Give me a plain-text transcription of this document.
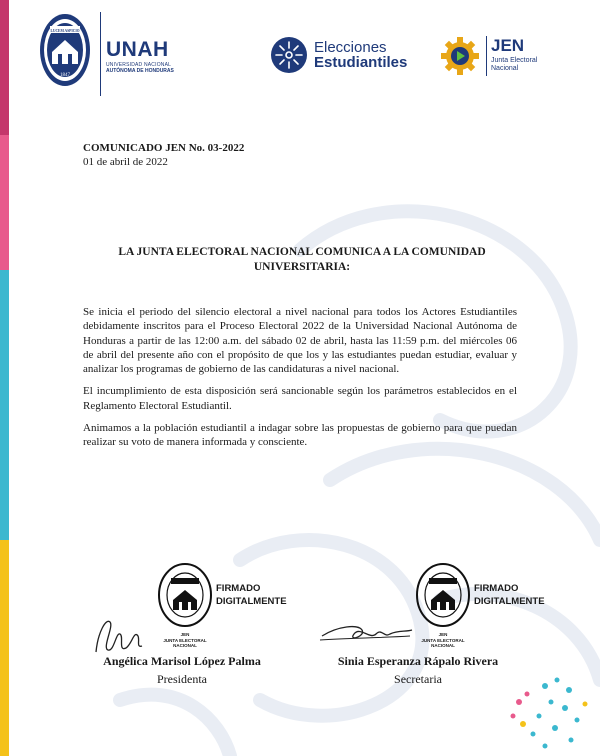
LUCEM ASPICIO
1847
UNAH
UNIVERSIDAD NACIONAL
AUTÓNOMA DE HONDURAS
Elecciones
Estudiantiles
JEN
Junta Electoral
Nacional
COMUNICADO JEN No. 03-2022
01 de abril de 2022
LA JUNTA ELECTORAL NACIONAL COMUNICA A LA COMUNIDAD UNIVERSITARIA:

Se inicia el periodo del silencio electoral a nivel nacional para todos los Actores Estudiantiles debidamente inscritos para el Proceso Electoral 2022 de la Universidad Nacional Autónoma de Honduras a partir de las 12:00 a.m. del sábado 02 de abril, hasta las 11:59 p.m. del miércoles 06 de abril del presente año con el propósito de que los y las estudiantes puedan estudiar, evaluar y analizar los programas de gobierno de las candidaturas a nivel nacional.

El incumplimiento de esta disposición será sancionable según los parámetros establecidos en el Reglamento Electoral Estudiantil.

Animamos a la población estudiantil a indagar sobre las propuestas de gobierno para que puedan realizar su voto de manera informada y consciente.

JEN
JUNTA ELECTORAL NACIONAL
FIRMADO
DIGITALMENTE
Angélica Marisol López Palma
Presidenta
JEN
JUNTA ELECTORAL NACIONAL
FIRMADO
DIGITALMENTE
Sinia Esperanza Rápalo Rivera
Secretaria
